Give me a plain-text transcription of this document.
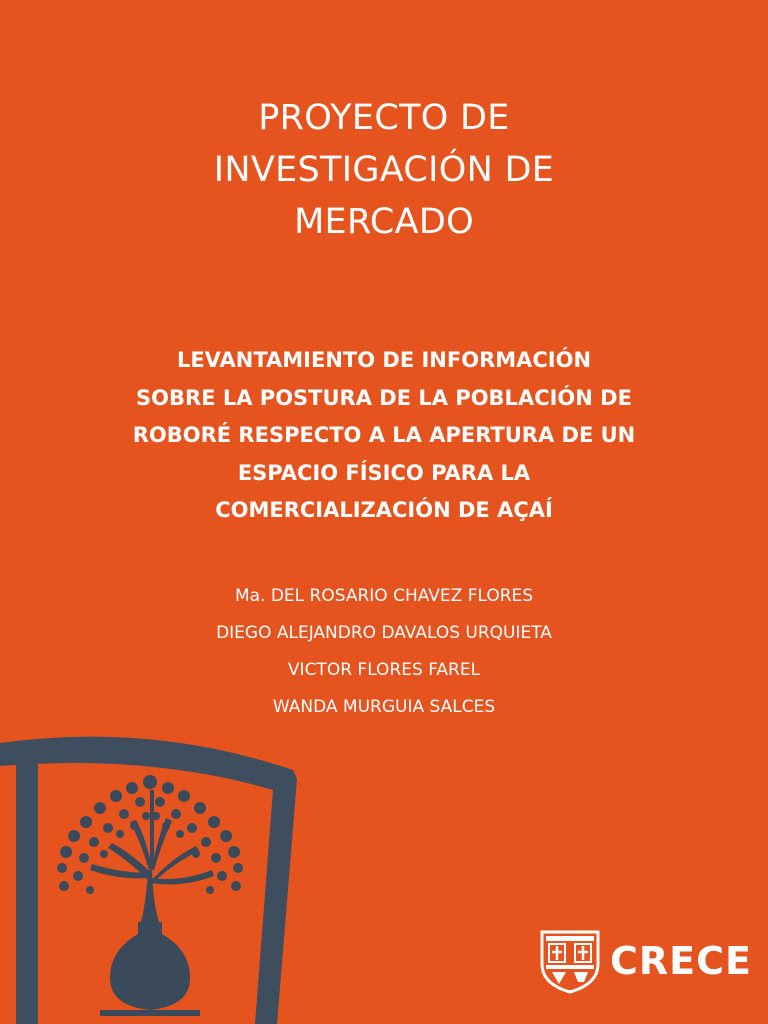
PROYECTO DE
INVESTIGACIÓN DE
MERCADO
LEVANTAMIENTO DE INFORMACIÓN
SOBRE LA POSTURA DE LA POBLACIÓN DE
ROBORÉ RESPECTO A LA APERTURA DE UN
ESPACIO FÍSICO PARA LA
COMERCIALIZACIÓN DE AÇAÍ
Ma. DEL ROSARIO CHAVEZ FLORES
DIEGO ALEJANDRO DAVALOS URQUIETA
VICTOR FLORES FAREL
WANDA MURGUIA SALCES
CRECE
